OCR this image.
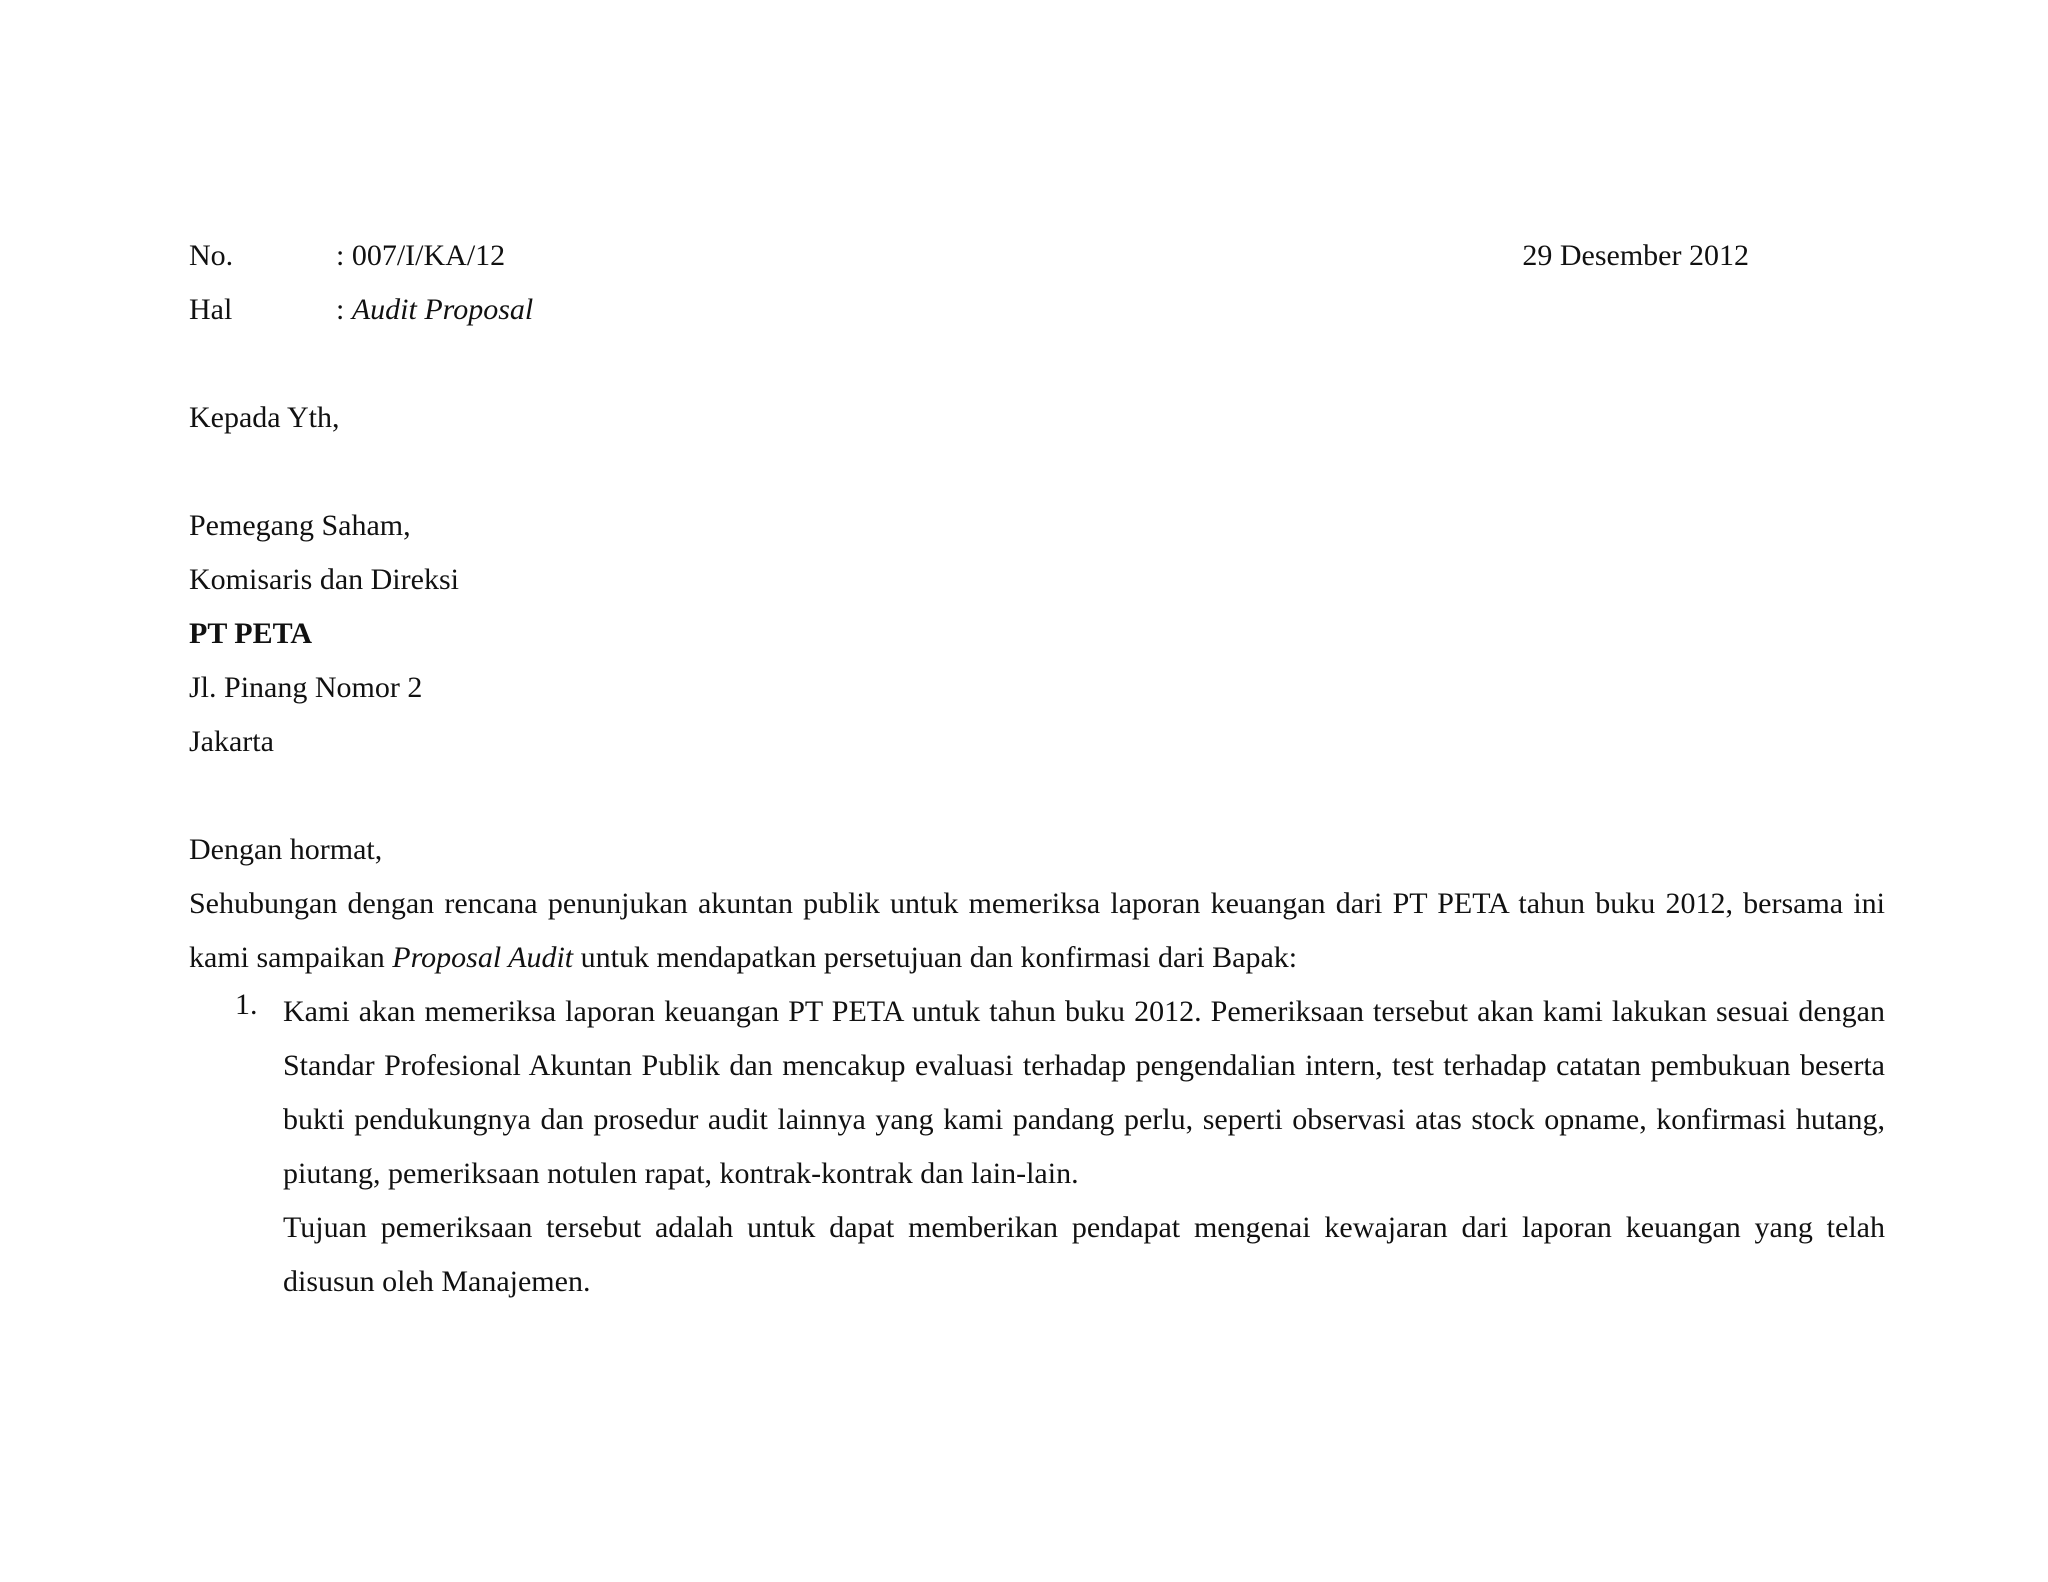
No.	: 007/I/KA/12	29 Desember 2012
Hal	: Audit Proposal
Kepada Yth,
Pemegang Saham,
Komisaris dan Direksi
PT PETA
Jl. Pinang Nomor 2
Jakarta
Dengan hormat,
Sehubungan dengan rencana penunjukan akuntan publik untuk memeriksa laporan keuangan dari PT PETA tahun buku 2012, bersama ini kami sampaikan Proposal Audit untuk mendapatkan persetujuan dan konfirmasi dari Bapak:
1. Kami akan memeriksa laporan keuangan PT PETA untuk tahun buku 2012. Pemeriksaan tersebut akan kami lakukan sesuai dengan Standar Profesional Akuntan Publik dan mencakup evaluasi terhadap pengendalian intern, test terhadap catatan pembukuan beserta bukti pendukungnya dan prosedur audit lainnya yang kami pandang perlu, seperti observasi atas stock opname, konfirmasi hutang, piutang, pemeriksaan notulen rapat, kontrak-kontrak dan lain-lain.
Tujuan pemeriksaan tersebut adalah untuk dapat memberikan pendapat mengenai kewajaran dari laporan keuangan yang telah disusun oleh Manajemen.
